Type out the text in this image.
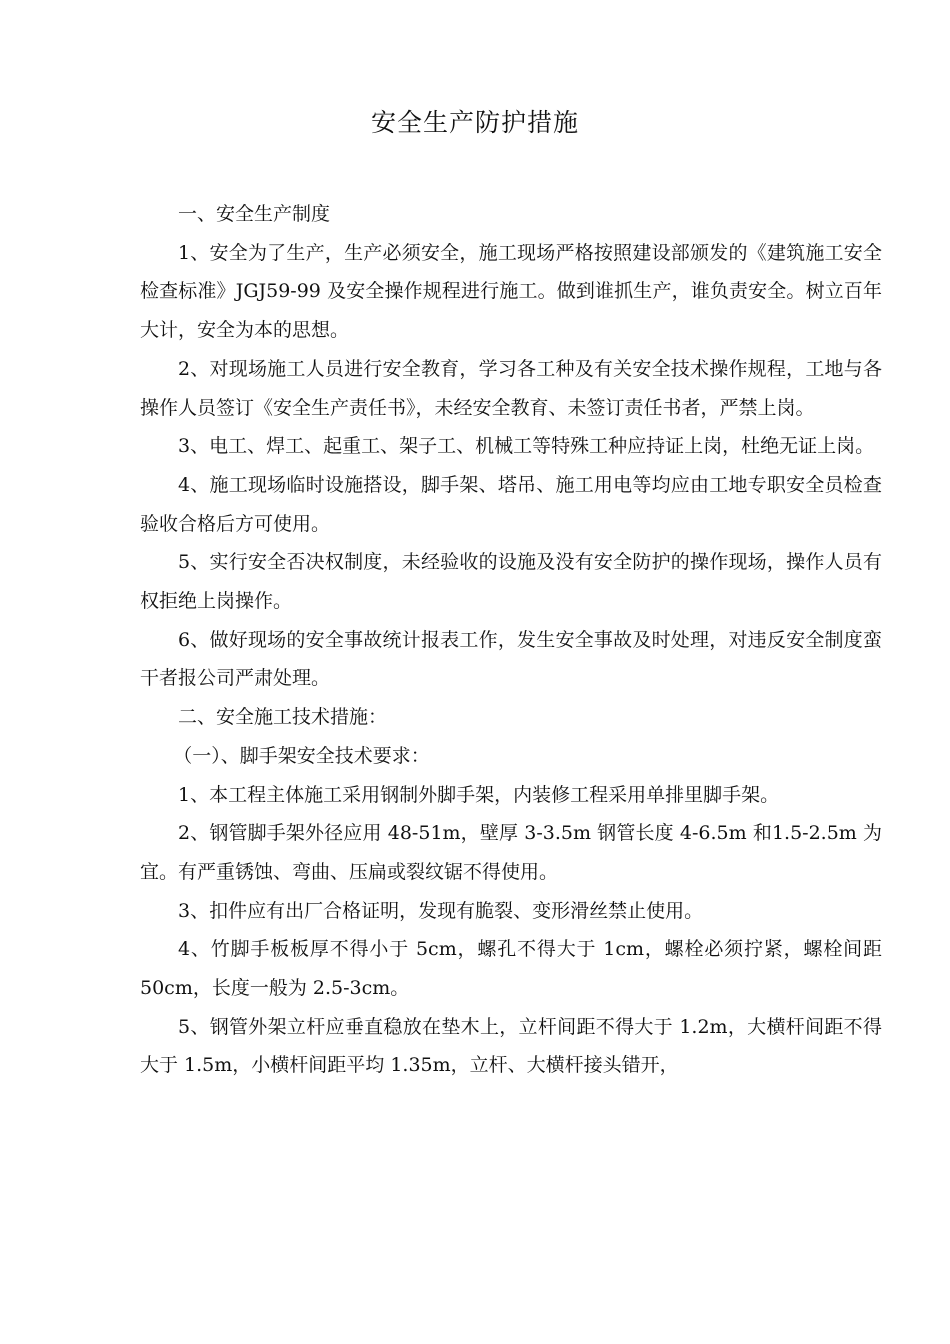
安全生产防护措施

一、安全生产制度

1、安全为了生产，生产必须安全，施工现场严格按照建设部颁发的《建筑施工安全检查标准》JGJ59-99 及安全操作规程进行施工。做到谁抓生产，谁负责安全。树立百年大计，安全为本的思想。

2、对现场施工人员进行安全教育，学习各工种及有关安全技术操作规程，工地与各操作人员签订《安全生产责任书》，未经安全教育、未签订责任书者，严禁上岗。

3、电工、焊工、起重工、架子工、机械工等特殊工种应持证上岗，杜绝无证上岗。

4、施工现场临时设施搭设，脚手架、塔吊、施工用电等均应由工地专职安全员检查验收合格后方可使用。

5、实行安全否决权制度，未经验收的设施及没有安全防护的操作现场，操作人员有权拒绝上岗操作。

6、做好现场的安全事故统计报表工作，发生安全事故及时处理，对违反安全制度蛮干者报公司严肃处理。

二、安全施工技术措施：

（一）、脚手架安全技术要求：

1、本工程主体施工采用钢制外脚手架，内装修工程采用单排里脚手架。

2、钢管脚手架外径应用 48-51m，壁厚 3-3.5m 钢管长度 4-6.5m 和1.5-2.5m 为宜。有严重锈蚀、弯曲、压扁或裂纹锯不得使用。

3、扣件应有出厂合格证明，发现有脆裂、变形滑丝禁止使用。

4、竹脚手板板厚不得小于 5cm，螺孔不得大于 1cm，螺栓必须拧紧，螺栓间距 50cm，长度一般为 2.5-3cm。

5、钢管外架立杆应垂直稳放在垫木上，立杆间距不得大于 1.2m，大横杆间距不得大于 1.5m，小横杆间距平均 1.35m，立杆、大横杆接头错开，
